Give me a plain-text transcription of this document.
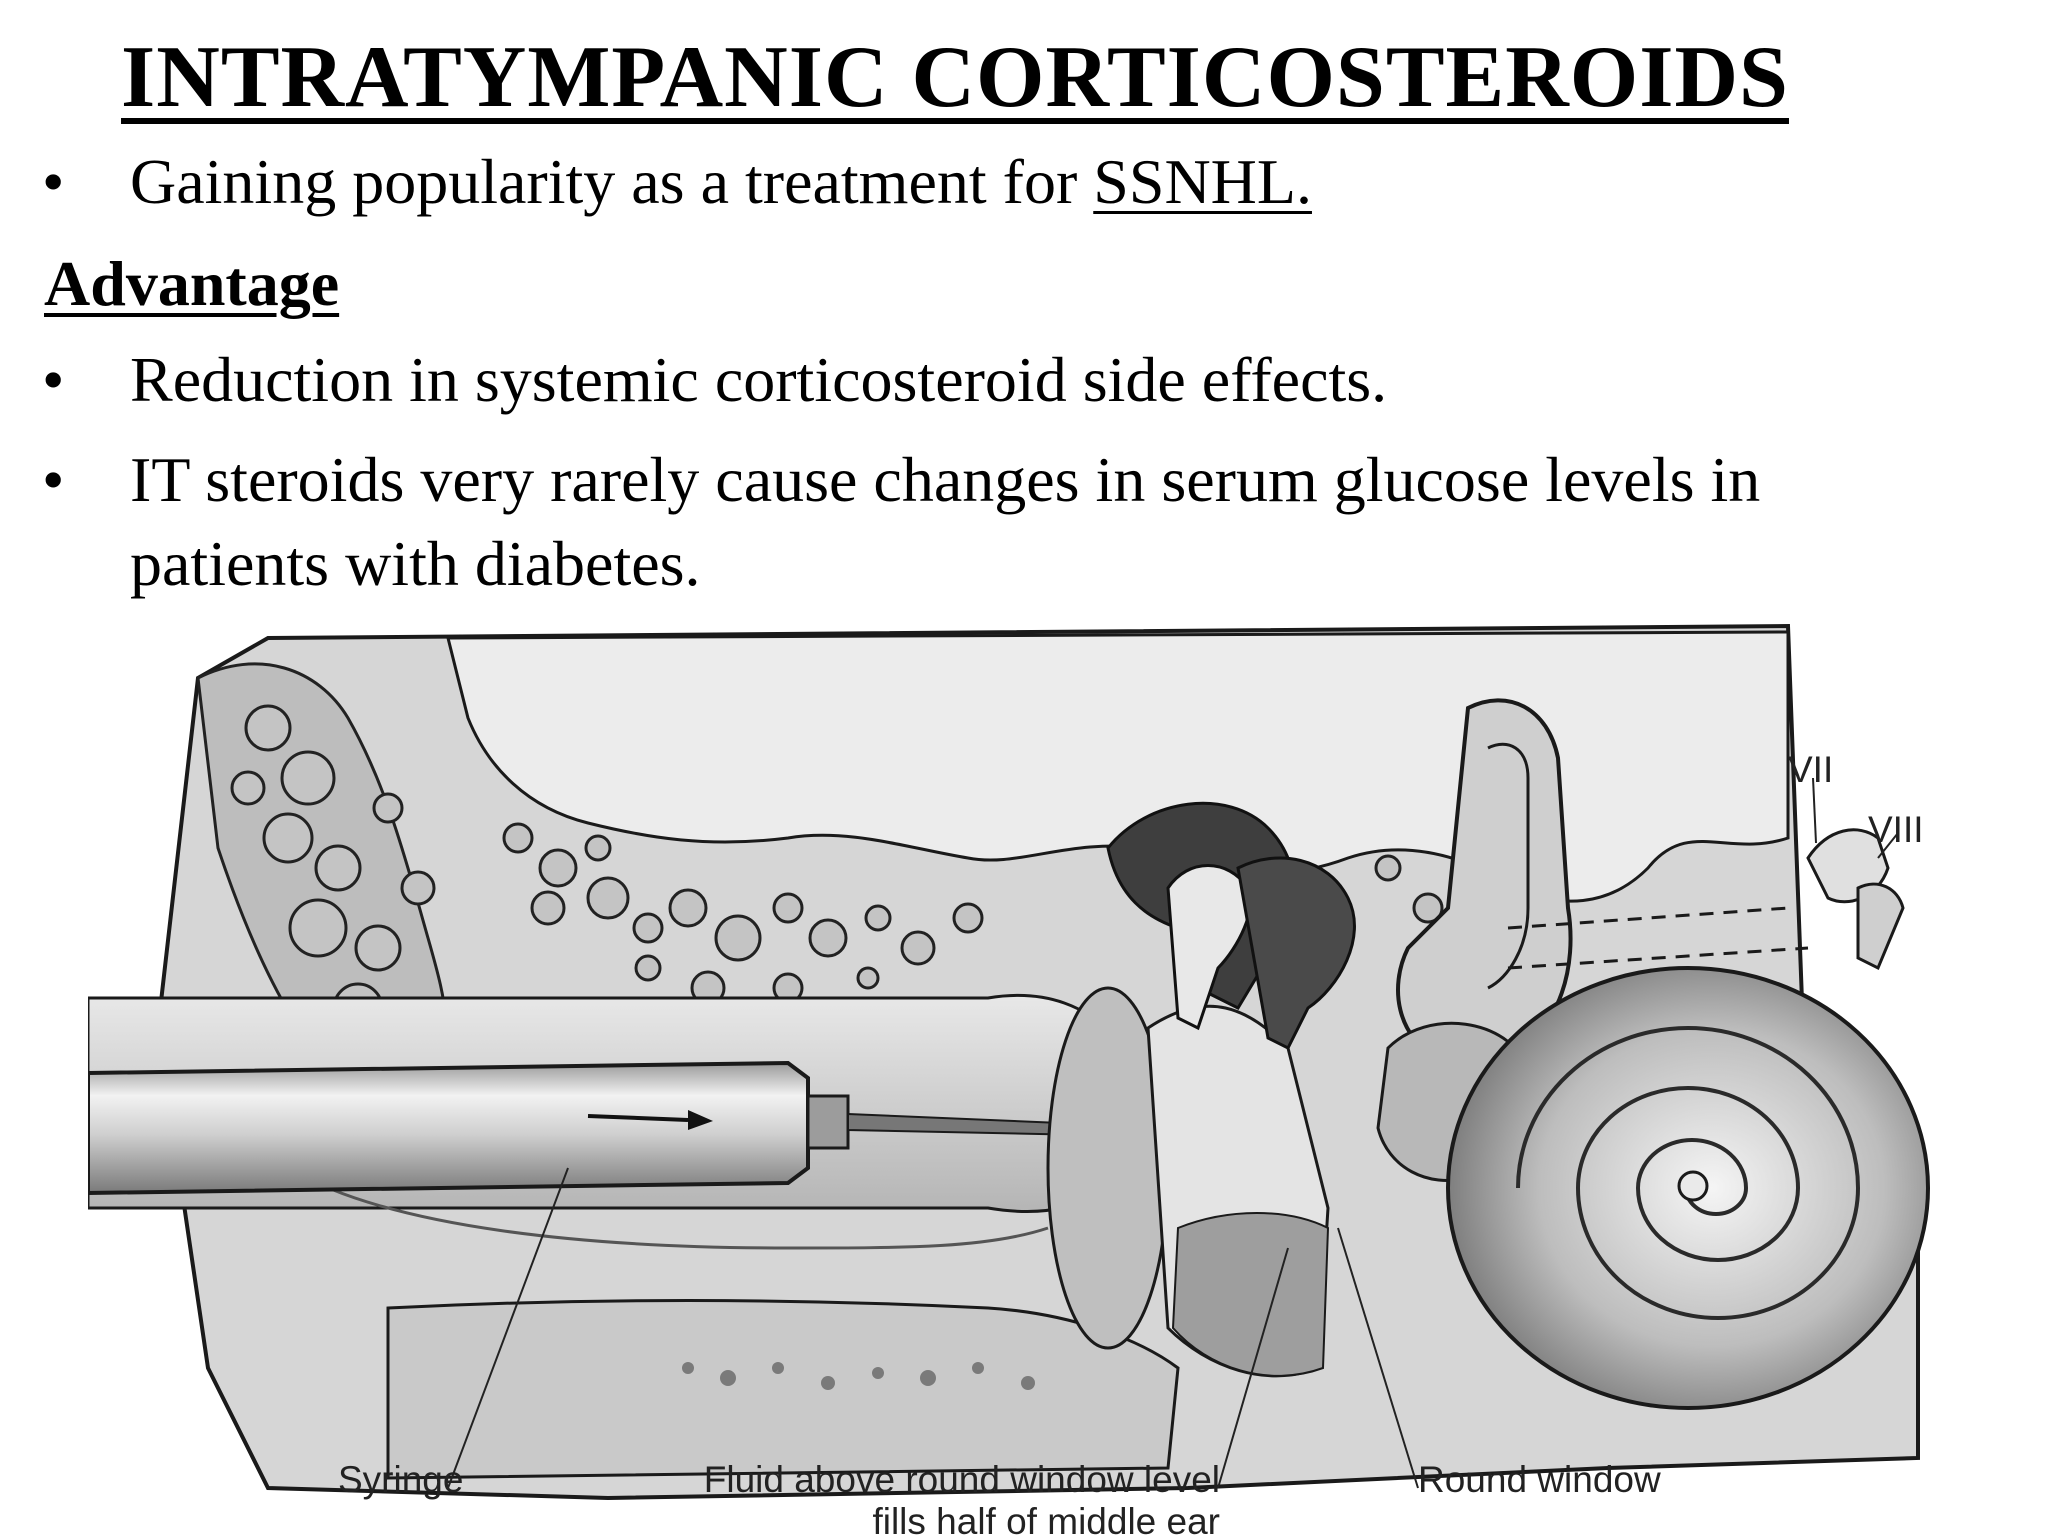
INTRATYMPANIC CORTICOSTEROIDS
•	Gaining popularity as a treatment for SSNHL.
Advantage
•	Reduction in systemic corticosteroid side effects.
•	IT steroids very rarely cause changes in serum glucose levels in
patients with diabetes.
VII
VIII
Syringe	Fluid above round window level
fills half of middle ear
Round window
